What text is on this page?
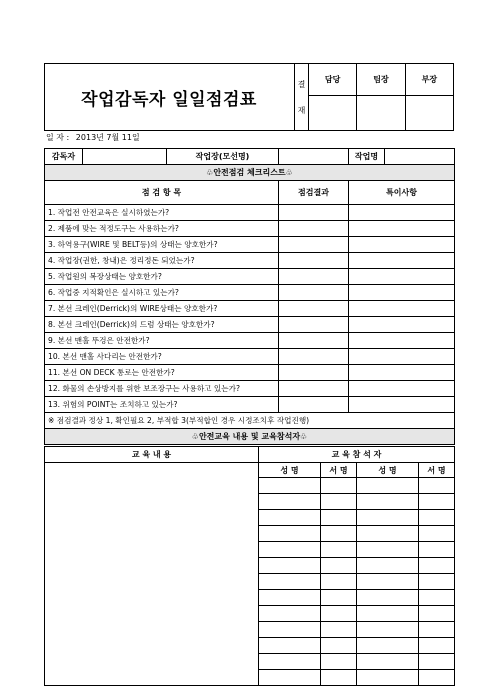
작업감독자 일일점검표
결

재	담당	팀장	부장

일 자 : 2013년 7월 11일
감독자		작업장(모선명)		작업명	
♧안전점검 체크리스트♧					
점 검 항 목			점검결과	특이사항	
1. 작업전 안전교육은 실시하였는가?					
2. 제품에 맞는 적정도구는 사용하는가?					
3. 하역용구(WIRE 및 BELT등)의 상태는 양호한가?					
4. 작업장(권한, 창내)은 정리정돈 되었는가?					
5. 작업원의 복장상태는 양호한가?					
6. 작업중 지적확인은 실시하고 있는가?					
7. 본선 크레인(Derrick)의 WIRE상태는 양호한가?					
8. 본선 크레인(Derrick)의 드럼 상태는 양호한가?					
9. 본선 맨홀 뚜겅은 안전한가?					
10. 본선 맨홀 사다리는 안전한가?					
11. 본선 ON DECK 통로는 안전한가?					
12. 화물의 손상방지를 위한 보조장구는 사용하고 있는가?					
13. 위험의 POINT는 조치하고 있는가?					
※ 점검결과 정상 1, 확인필요 2, 부적합 3(부적합인 경우 시정조치후 작업진행)					
♧안전교육 내용 및 교육참석자♧					
교 육 내 용	교 육 참 석 자			
	성 명	서 명	성 명	서 명
